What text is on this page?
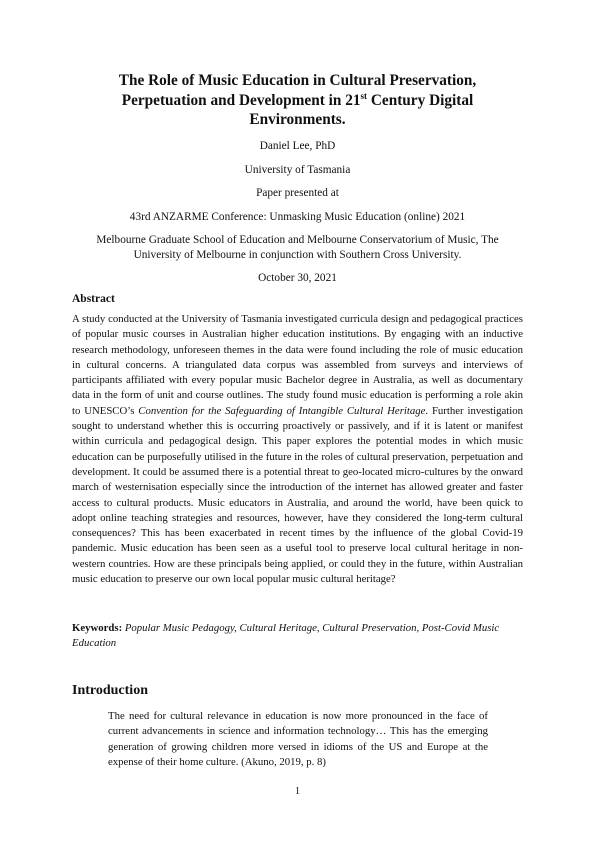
The Role of Music Education in Cultural Preservation,
Perpetuation and Development in 21st Century Digital
Environments.
Daniel Lee, PhD
University of Tasmania
Paper presented at
43rd ANZARME Conference: Unmasking Music Education (online) 2021
Melbourne Graduate School of Education and Melbourne Conservatorium of Music, The
University of Melbourne in conjunction with Southern Cross University.
October 30, 2021
Abstract

A study conducted at the University of Tasmania investigated curricula design and pedagogical practices of popular music courses in Australian higher education institutions. By engaging with an inductive research methodology, unforeseen themes in the data were found including the role of music education in cultural concerns. A triangulated data corpus was assembled from surveys and interviews of participants affiliated with every popular music Bachelor degree in Australia, as well as documentary data in the form of unit and course outlines. The study found music education is performing a role akin to UNESCO’s Convention for the Safeguarding of Intangible Cultural Heritage. Further investigation sought to understand whether this is occurring proactively or passively, and if it is latent or manifest within curricula and pedagogical design. This paper explores the potential modes in which music education can be purposefully utilised in the future in the roles of cultural preservation, perpetuation and development. It could be assumed there is a potential threat to geo-located micro-cultures by the onward march of westernisation especially since the introduction of the internet has allowed greater and faster access to cultural products. Music educators in Australia, and around the world, have been quick to adopt online teaching strategies and resources, however, have they considered the long-term cultural consequences? This has been exacerbated in recent times by the influence of the global Covid-19 pandemic. Music education has been seen as a useful tool to preserve local cultural heritage in non-western countries. How are these principals being applied, or could they in the future, within Australian music education to preserve our own local popular music cultural heritage?

Keywords: Popular Music Pedagogy, Cultural Heritage, Cultural Preservation, Post-Covid Music Education
Introduction
The need for cultural relevance in education is now more pronounced in the face of current advancements in science and information technology… This has the emerging generation of growing children more versed in idioms of the US and Europe at the expense of their home culture. (Akuno, 2019, p. 8)
1
